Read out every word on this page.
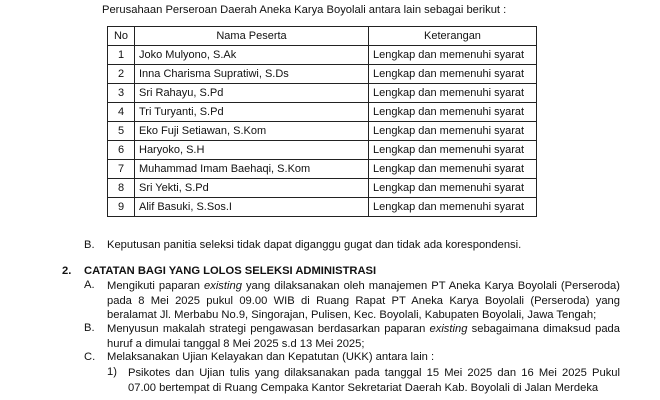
Perusahaan Perseroan Daerah Aneka Karya Boyolali antara lain sebagai berikut :
No	Nama Peserta	Keterangan
1	Joko Mulyono, S.Ak	Lengkap dan memenuhi syarat
2	Inna Charisma Supratiwi, S.Ds	Lengkap dan memenuhi syarat
3	Sri Rahayu, S.Pd	Lengkap dan memenuhi syarat
4	Tri Turyanti, S.Pd	Lengkap dan memenuhi syarat
5	Eko Fuji Setiawan, S.Kom	Lengkap dan memenuhi syarat
6	Haryoko, S.H	Lengkap dan memenuhi syarat
7	Muhammad Imam Baehaqi, S.Kom	Lengkap dan memenuhi syarat
8	Sri Yekti, S.Pd	Lengkap dan memenuhi syarat
9	Alif Basuki, S.Sos.I	Lengkap dan memenuhi syarat
B. Keputusan panitia seleksi tidak dapat diganggu gugat dan tidak ada korespondensi.
2. CATATAN BAGI YANG LOLOS SELEKSI ADMINISTRASI
A. Mengikuti paparan existing yang dilaksanakan oleh manajemen PT Aneka Karya Boyolali (Perseroda) pada 8 Mei 2025 pukul 09.00 WIB di Ruang Rapat PT Aneka Karya Boyolali (Perseroda) yang beralamat Jl. Merbabu No.9, Singorajan, Pulisen, Kec. Boyolali, Kabupaten Boyolali, Jawa Tengah;
B. Menyusun makalah strategi pengawasan berdasarkan paparan existing sebagaimana dimaksud pada huruf a dimulai tanggal 8 Mei 2025 s.d 13 Mei 2025;
C. Melaksanakan Ujian Kelayakan dan Kepatutan (UKK) antara lain :
1) Psikotes dan Ujian tulis yang dilaksanakan pada tanggal 15 Mei 2025 dan 16 Mei 2025 Pukul 07.00 bertempat di Ruang Cempaka Kantor Sekretariat Daerah Kab. Boyolali di Jalan Merdeka
